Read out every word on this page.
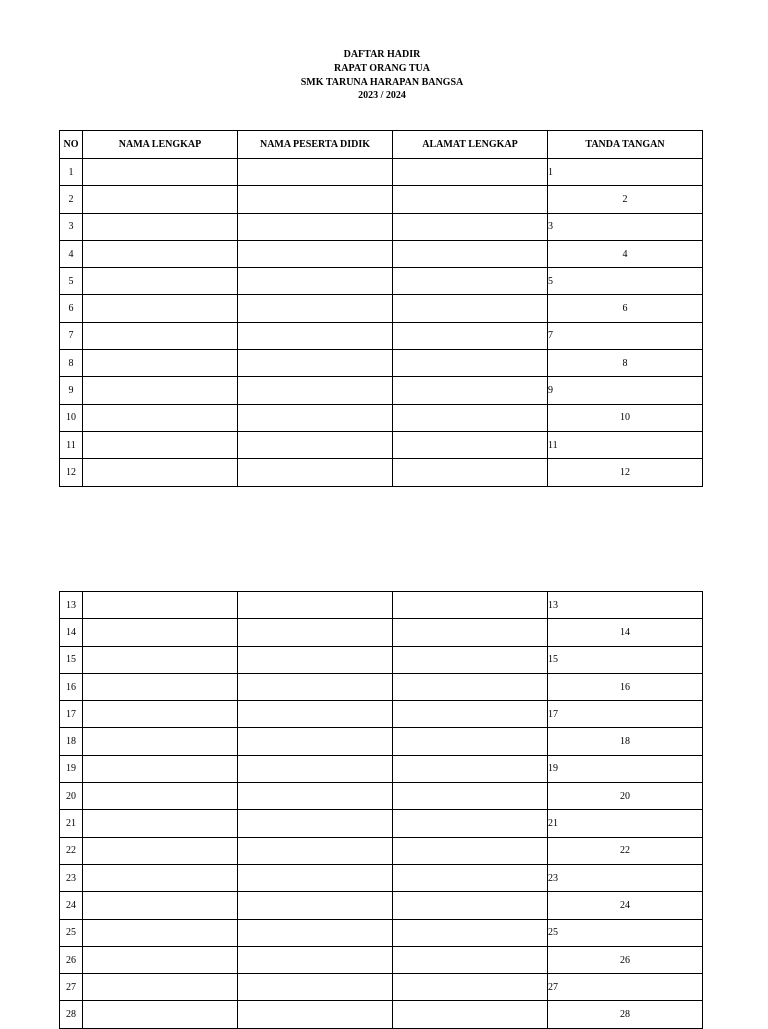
DAFTAR HADIR
RAPAT ORANG TUA
SMK TARUNA HARAPAN BANGSA
2023 / 2024
NO	NAMA LENGKAP	NAMA PESERTA DIDIK	ALAMAT LENGKAP	TANDA TANGAN
1				1
2				2
3				3
4				4
5				5
6				6
7				7
8				8
9				9
10				10
11				11
12				12
13				13
14				14
15				15
16				16
17				17
18				18
19				19
20				20
21				21
22				22
23				23
24				24
25				25
26				26
27				27
28				28
